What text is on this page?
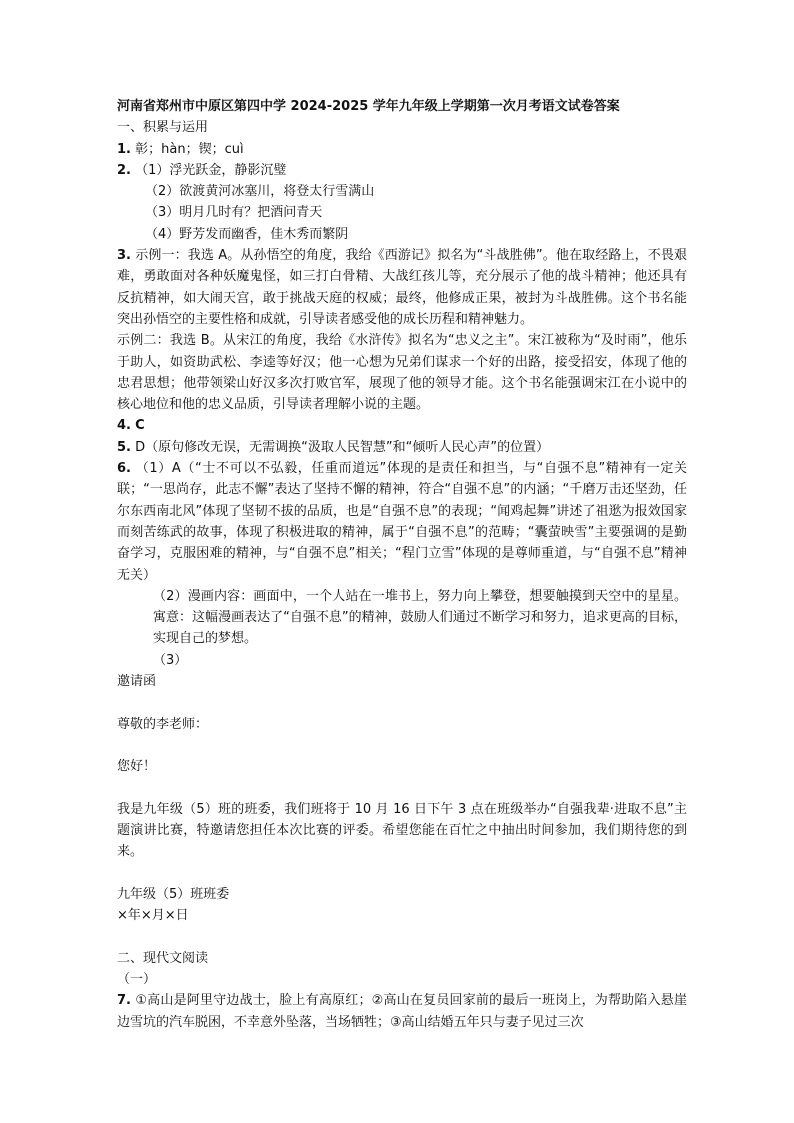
河南省郑州市中原区第四中学 2024-2025 学年九年级上学期第一次月考语文试卷答案
一、积累与运用
1. 彰；hàn；锲；cuì
2. （1）浮光跃金，静影沉璧
（2）欲渡黄河冰塞川，将登太行雪满山
（3）明月几时有？把酒问青天
（4）野芳发而幽香，佳木秀而繁阴

3. 示例一：我选 A。从孙悟空的角度，我给《西游记》拟名为“斗战胜佛”。他在取经路上，不畏艰难，勇敢面对各种妖魔鬼怪，如三打白骨精、大战红孩儿等，充分展示了他的战斗精神；他还具有反抗精神，如大闹天宫，敢于挑战天庭的权威；最终，他修成正果，被封为斗战胜佛。这个书名能突出孙悟空的主要性格和成就，引导读者感受他的成长历程和精神魅力。

示例二：我选 B。从宋江的角度，我给《水浒传》拟名为“忠义之主”。宋江被称为“及时雨”，他乐于助人，如资助武松、李逵等好汉；他一心想为兄弟们谋求一个好的出路，接受招安，体现了他的忠君思想；他带领梁山好汉多次打败官军，展现了他的领导才能。这个书名能强调宋江在小说中的核心地位和他的忠义品质，引导读者理解小说的主题。

4. C
5. D（原句修改无误，无需调换“汲取人民智慧”和“倾听人民心声”的位置）

6. （1）A（“士不可以不弘毅，任重而道远”体现的是责任和担当，与“自强不息”精神有一定关联；“一思尚存，此志不懈”表达了坚持不懈的精神，符合“自强不息”的内涵；“千磨万击还坚劲，任尔东西南北风”体现了坚韧不拔的品质，也是“自强不息”的表现；“闻鸡起舞”讲述了祖逖为报效国家而刻苦练武的故事，体现了积极进取的精神，属于“自强不息”的范畴；“囊萤映雪”主要强调的是勤奋学习，克服困难的精神，与“自强不息”相关；“程门立雪”体现的是尊师重道，与“自强不息”精神无关）

（2）漫画内容：画面中，一个人站在一堆书上，努力向上攀登，想要触摸到天空中的星星。寓意：这幅漫画表达了“自强不息”的精神，鼓励人们通过不断学习和努力，追求更高的目标，实现自己的梦想。

（3）
邀请函
尊敬的李老师：
您好！

我是九年级（5）班的班委，我们班将于 10 月 16 日下午 3 点在班级举办“自强我辈·进取不息”主题演讲比赛，特邀请您担任本次比赛的评委。希望您能在百忙之中抽出时间参加，我们期待您的到来。

九年级（5）班班委
×年×月×日
二、现代文阅读
（一）

7. ①高山是阿里守边战士，脸上有高原红；②高山在复员回家前的最后一班岗上，为帮助陷入悬崖边雪坑的汽车脱困，不幸意外坠落，当场牺牲；③高山结婚五年只与妻子见过三次
